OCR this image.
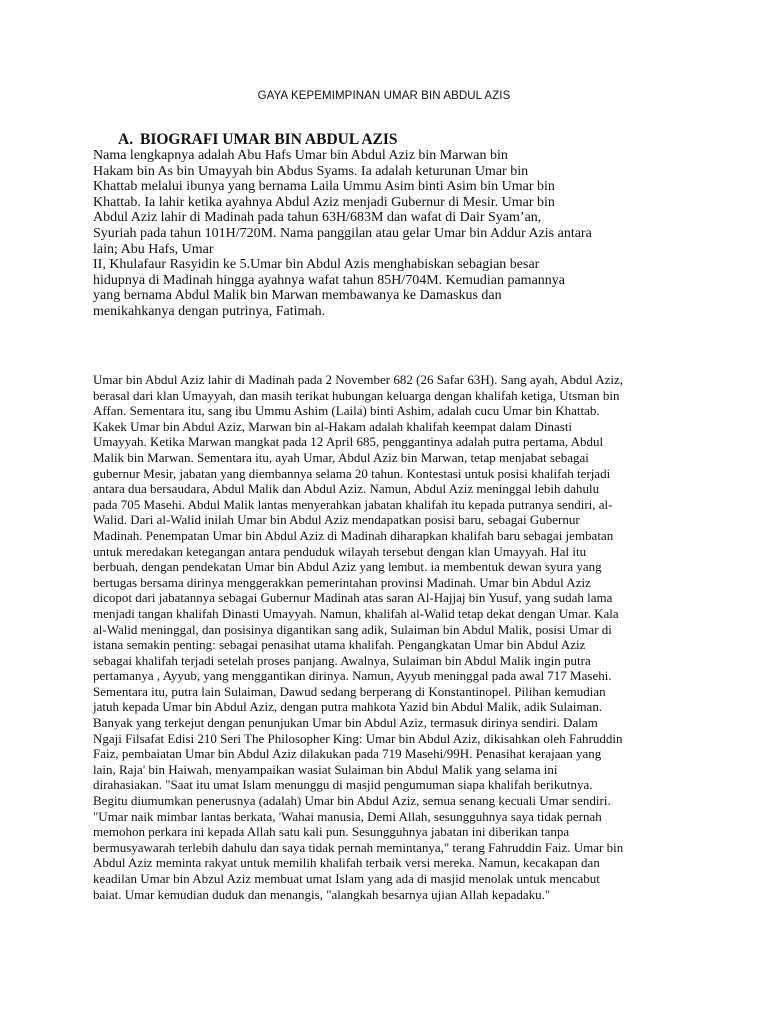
GAYA KEPEMIMPINAN UMAR BIN ABDUL AZIS
A. BIOGRAFI UMAR BIN ABDUL AZIS
Nama lengkapnya adalah Abu Hafs Umar bin Abdul Aziz bin Marwan bin
Hakam bin As bin Umayyah bin Abdus Syams. Ia adalah keturunan Umar bin
Khattab melalui ibunya yang bernama Laila Ummu Asim binti Asim bin Umar bin
Khattab. Ia lahir ketika ayahnya Abdul Aziz menjadi Gubernur di Mesir. Umar bin
Abdul Aziz lahir di Madinah pada tahun 63H/683M dan wafat di Dair Syam’an,
Syuriah pada tahun 101H/720M. Nama panggilan atau gelar Umar bin Addur Azis antara
lain; Abu Hafs, Umar
II, Khulafaur Rasyidin ke 5.Umar bin Abdul Azis menghabiskan sebagian besar
hidupnya di Madinah hingga ayahnya wafat tahun 85H/704M. Kemudian pamannya
yang bernama Abdul Malik bin Marwan membawanya ke Damaskus dan
menikahkanya dengan putrinya, Fatimah.
Umar bin Abdul Aziz lahir di Madinah pada 2 November 682 (26 Safar 63H). Sang ayah, Abdul Aziz,
berasal dari klan Umayyah, dan masih terikat hubungan keluarga dengan khalifah ketiga, Utsman bin
Affan. Sementara itu, sang ibu Ummu Ashim (Laila) binti Ashim, adalah cucu Umar bin Khattab.
Kakek Umar bin Abdul Aziz, Marwan bin al-Hakam adalah khalifah keempat dalam Dinasti
Umayyah. Ketika Marwan mangkat pada 12 April 685, penggantinya adalah putra pertama, Abdul
Malik bin Marwan. Sementara itu, ayah Umar, Abdul Aziz bin Marwan, tetap menjabat sebagai
gubernur Mesir, jabatan yang diembannya selama 20 tahun. Kontestasi untuk posisi khalifah terjadi
antara dua bersaudara, Abdul Malik dan Abdul Aziz. Namun, Abdul Aziz meninggal lebih dahulu
pada 705 Masehi. Abdul Malik lantas menyerahkan jabatan khalifah itu kepada putranya sendiri, al-
Walid. Dari al-Walid inilah Umar bin Abdul Aziz mendapatkan posisi baru, sebagai Gubernur
Madinah. Penempatan Umar bin Abdul Aziz di Madinah diharapkan khalifah baru sebagai jembatan
untuk meredakan ketegangan antara penduduk wilayah tersebut dengan klan Umayyah. Hal itu
berbuah, dengan pendekatan Umar bin Abdul Aziz yang lembut. ia membentuk dewan syura yang
bertugas bersama dirinya menggerakkan pemerintahan provinsi Madinah. Umar bin Abdul Aziz
dicopot dari jabatannya sebagai Gubernur Madinah atas saran Al-Hajjaj bin Yusuf, yang sudah lama
menjadi tangan khalifah Dinasti Umayyah. Namun, khalifah al-Walid tetap dekat dengan Umar. Kala
al-Walid meninggal, dan posisinya digantikan sang adik, Sulaiman bin Abdul Malik, posisi Umar di
istana semakin penting: sebagai penasihat utama khalifah. Pengangkatan Umar bin Abdul Aziz
sebagai khalifah terjadi setelah proses panjang. Awalnya, Sulaiman bin Abdul Malik ingin putra
pertamanya , Ayyub, yang menggantikan dirinya. Namun, Ayyub meninggal pada awal 717 Masehi.
Sementara itu, putra lain Sulaiman, Dawud sedang berperang di Konstantinopel. Pilihan kemudian
jatuh kepada Umar bin Abdul Aziz, dengan putra mahkota Yazid bin Abdul Malik, adik Sulaiman.
Banyak yang terkejut dengan penunjukan Umar bin Abdul Aziz, termasuk dirinya sendiri. Dalam
Ngaji Filsafat Edisi 210 Seri The Philosopher King: Umar bin Abdul Aziz, dikisahkan oleh Fahruddin
Faiz, pembaiatan Umar bin Abdul Aziz dilakukan pada 719 Masehi/99H. Penasihat kerajaan yang
lain, Raja' bin Haiwah, menyampaikan wasiat Sulaiman bin Abdul Malik yang selama ini
dirahasiakan. "Saat itu umat Islam menunggu di masjid pengumuman siapa khalifah berikutnya.
Begitu diumumkan penerusnya (adalah) Umar bin Abdul Aziz, semua senang kecuali Umar sendiri.
"Umar naik mimbar lantas berkata, 'Wahai manusia, Demi Allah, sesungguhnya saya tidak pernah
memohon perkara ini kepada Allah satu kali pun. Sesungguhnya jabatan ini diberikan tanpa
bermusyawarah terlebih dahulu dan saya tidak pernah memintanya," terang Fahruddin Faiz. Umar bin
Abdul Aziz meminta rakyat untuk memilih khalifah terbaik versi mereka. Namun, kecakapan dan
keadilan Umar bin Abzul Aziz membuat umat Islam yang ada di masjid menolak untuk mencabut
baiat. Umar kemudian duduk dan menangis, "alangkah besarnya ujian Allah kepadaku."
